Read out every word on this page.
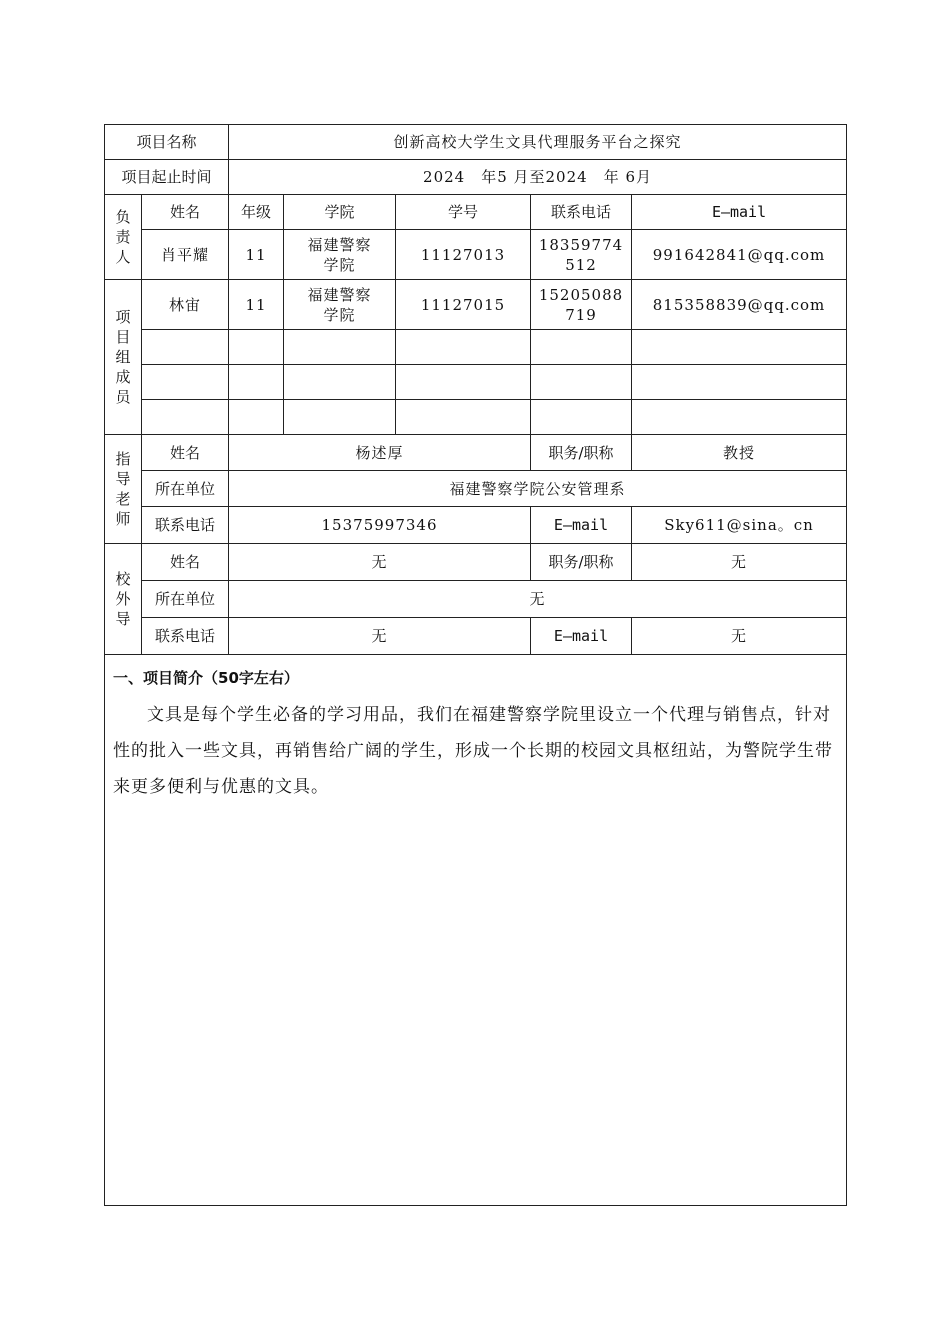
项目名称		创新高校大学生文具代理服务平台之探究				
项目起止时间		2024　年5 月至2024　年 6月				
负责人	姓名	年级	学院	学号	联系电话	E—mail
	肖平耀	11	福建警察学院	11127013	18359774512	991642841@qq.com
项目组成员	林宙	11	福建警察学院	11127015	15205088719	815358839@qq.com

指导老师	姓名	杨述厚			职务/职称	教授
	所在单位	福建警察学院公安管理系				
	联系电话	15375997346			E—mail	Sky611@sina。cn
校外导	姓名	无			职务/职称	无
	所在单位	无				
	联系电话	无			E—mail	无

一、项目简介（50字左右）
文具是每个学生必备的学习用品，我们在福建警察学院里设立一个代理与销售点，针对性的批入一些文具，再销售给广阔的学生，形成一个长期的校园文具枢纽站，为警院学生带来更多便利与优惠的文具。						
